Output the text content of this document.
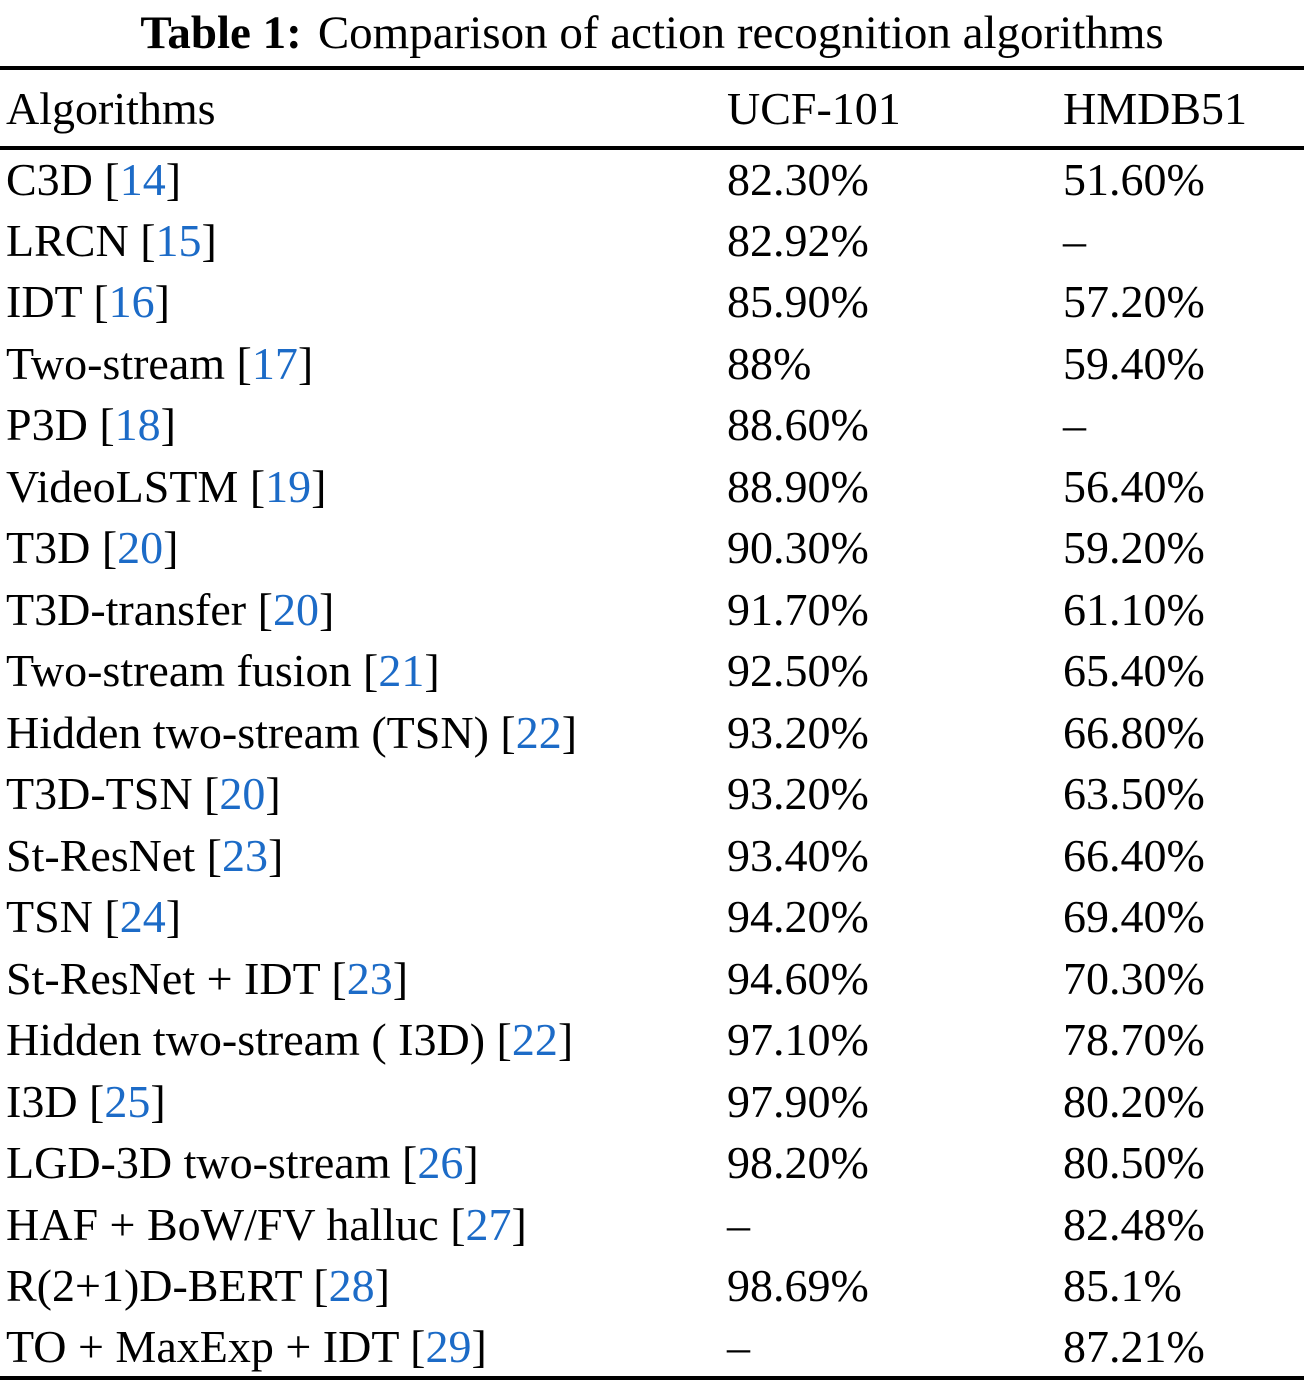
Table 1: Comparison of action recognition algorithms
Algorithms	UCF-101	HMDB51
C3D [14]	82.30%	51.60%
LRCN [15]	82.92%	–
IDT [16]	85.90%	57.20%
Two-stream [17]	88%	59.40%
P3D [18]	88.60%	–
VideoLSTM [19]	88.90%	56.40%
T3D [20]	90.30%	59.20%
T3D-transfer [20]	91.70%	61.10%
Two-stream fusion [21]	92.50%	65.40%
Hidden two-stream (TSN) [22]	93.20%	66.80%
T3D-TSN [20]	93.20%	63.50%
St-ResNet [23]	93.40%	66.40%
TSN [24]	94.20%	69.40%
St-ResNet + IDT [23]	94.60%	70.30%
Hidden two-stream ( I3D) [22]	97.10%	78.70%
I3D [25]	97.90%	80.20%
LGD-3D two-stream [26]	98.20%	80.50%
HAF + BoW/FV halluc [27]	–	82.48%
R(2+1)D-BERT [28]	98.69%	85.1%
TO + MaxExp + IDT [29]	–	87.21%
